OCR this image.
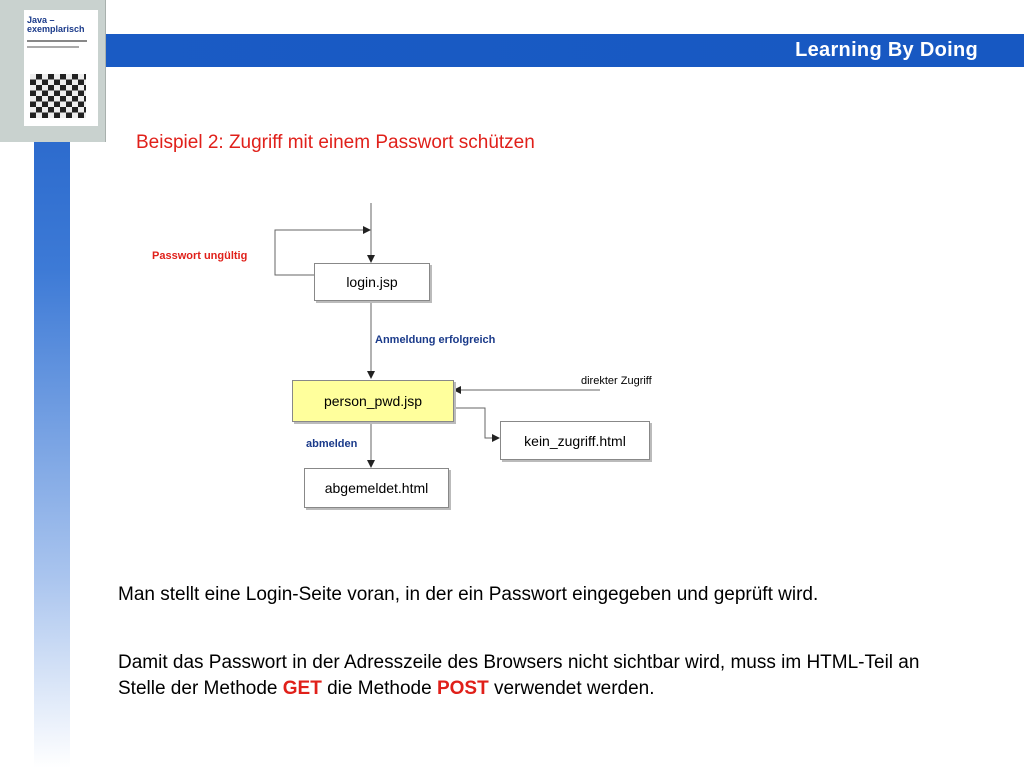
Learning By Doing
Java –
exemplarisch
Beispiel 2: Zugriff mit einem Passwort schützen
login.jsp
person_pwd.jsp
kein_zugriff.html
abgemeldet.html
Passwort ungültig
Anmeldung erfolgreich
direkter Zugriff
abmelden
Man stellt eine Login-Seite voran, in der ein Passwort eingegeben und geprüft wird.
Damit das Passwort in der Adresszeile des Browsers nicht sichtbar wird, muss im HTML-Teil an Stelle der Methode GET die Methode POST verwendet werden.
